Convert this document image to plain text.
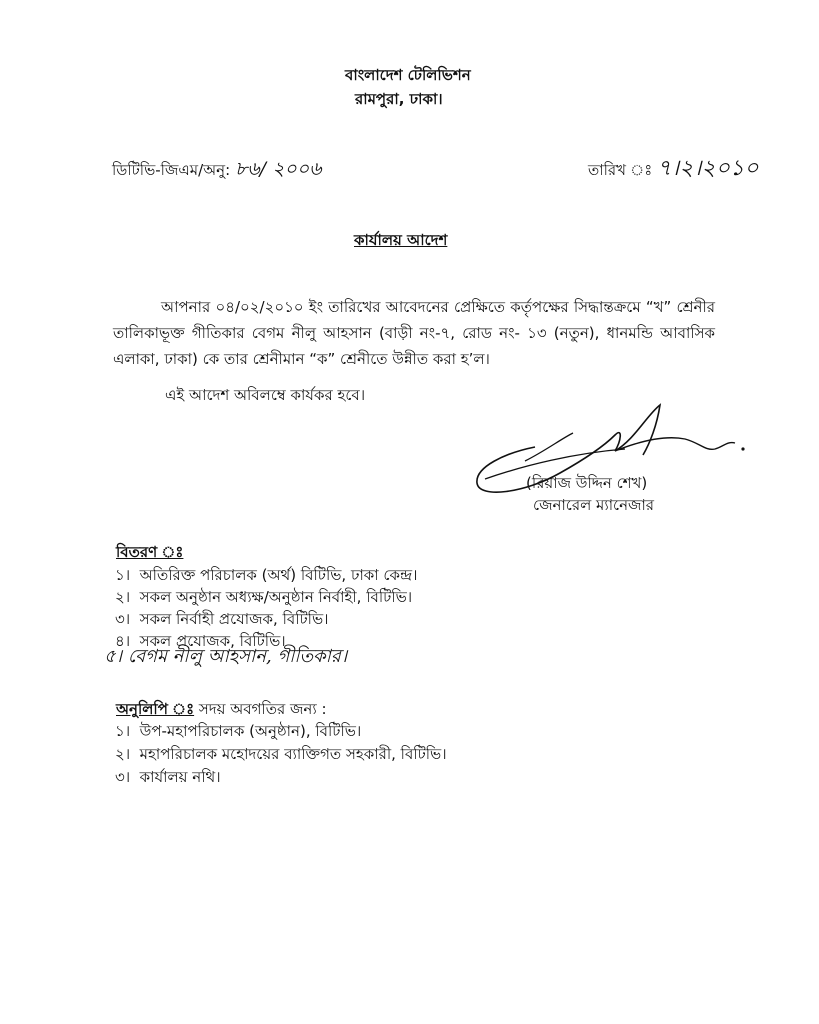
বাংলাদেশ টেলিভিশন
রামপুরা, ঢাকা।
ডিটিভি-জিএম/অনু: ৮৬/ ২০০৬	তারিখ ঃ ৭।২।২০১০
কার্যালয় আদেশ
আপনার ০৪/০২/২০১০ ইং তারিখের আবেদনের প্রেক্ষিতে কর্তৃপক্ষের সিদ্ধান্তক্রমে “খ” শ্রেনীর তালিকাভূক্ত গীতিকার বেগম নীলু আহসান (বাড়ী নং-৭, রোড নং- ১৩ (নতুন), ধানমন্ডি আবাসিক এলাকা, ঢাকা) কে তার শ্রেনীমান “ক” শ্রেনীতে উন্নীত করা হ’ল।
এই আদেশ অবিলম্বে কার্যকর হবে।
(রিয়াজ উদ্দিন শেখ)
জেনারেল ম্যানেজার
বিতরণ ঃ
১। অতিরিক্ত পরিচালক (অর্থ) বিটিভি, ঢাকা কেন্দ্র।
২। সকল অনুষ্ঠান অধ্যক্ষ/অনুষ্ঠান নির্বাহী, বিটিভি।
৩। সকল নির্বাহী প্রযোজক, বিটিভি।
৪। সকল প্রযোজক, বিটিভি।
৫। বেগম নীলু আহসান, গীতিকার।
অনুলিপি ঃ সদয় অবগতির জন্য :
১। উপ-মহাপরিচালক (অনুষ্ঠান), বিটিভি।
২। মহাপরিচালক মহোদয়ের ব্যাক্তিগত সহকারী, বিটিভি।
৩। কার্যালয় নথি।
